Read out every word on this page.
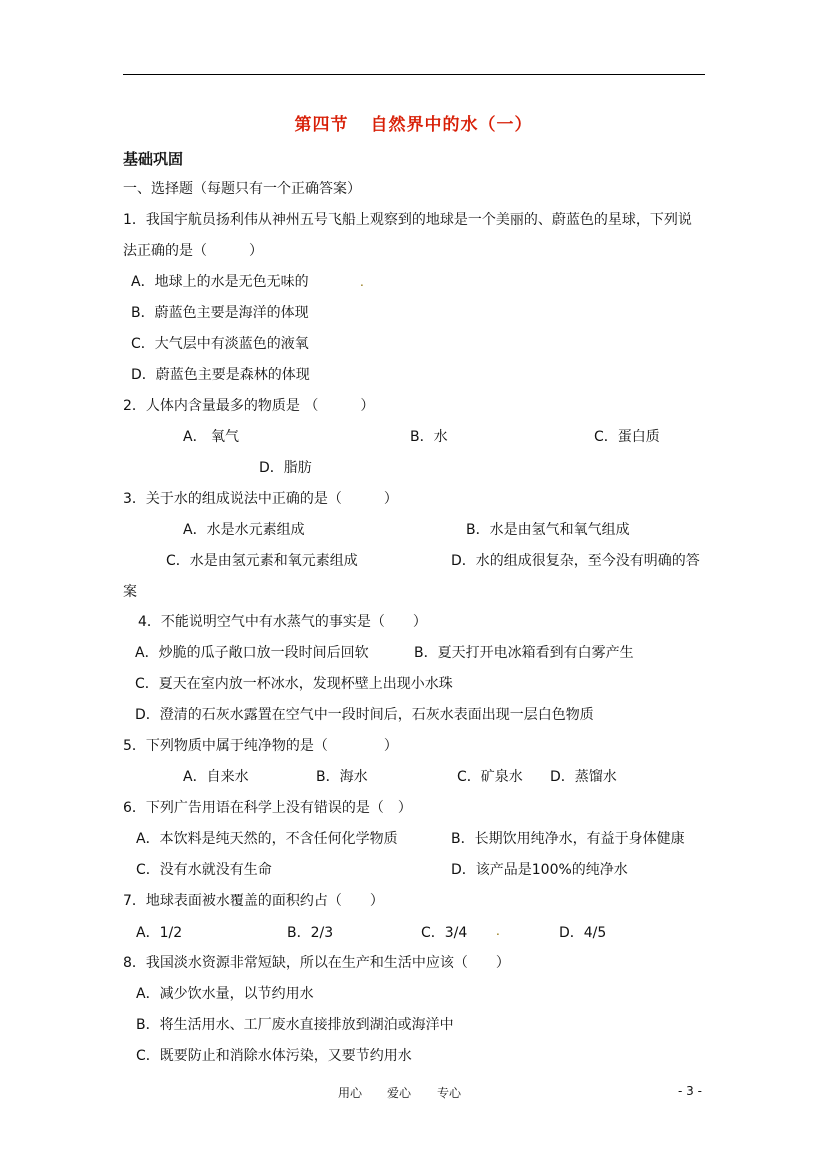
第四节 自然界中的水（一）
基础巩固
一、选择题（每题只有一个正确答案）
1．我国宇航员扬利伟从神州五号飞船上观察到的地球是一个美丽的、蔚蓝色的星球，下列说
法正确的是（　　　）
A．地球上的水是无色无味的	.
B．蔚蓝色主要是海洋的体现
C．大气层中有淡蓝色的液氧
D．蔚蓝色主要是森林的体现
2．人体内含量最多的物质是 （　　　）
A． 氧气	B．水	C．蛋白质
D．脂肪
3．关于水的组成说法中正确的是（　　　）
A．水是水元素组成	B．水是由氢气和氧气组成
C．水是由氢元素和氧元素组成	D．水的组成很复杂，至今没有明确的答
案
4．不能说明空气中有水蒸气的事实是（　　）
A．炒脆的瓜子敞口放一段时间后回软	B．夏天打开电冰箱看到有白雾产生
C．夏天在室内放一杯冰水，发现杯壁上出现小水珠
D．澄清的石灰水露置在空气中一段时间后，石灰水表面出现一层白色物质
5．下列物质中属于纯净物的是（　　　　）
A．自来水	B．海水	C．矿泉水 D．蒸馏水
6．下列广告用语在科学上没有错误的是（　）
A．本饮料是纯天然的，不含任何化学物质	B．长期饮用纯净水，有益于身体健康
C．没有水就没有生命	D．该产品是100%的纯净水
7．地球表面被水覆盖的面积约占（　　）
A．1/2	B．2/3	C．3/4 .	D．4/5
8．我国淡水资源非常短缺，所以在生产和生活中应该（　　）
A．减少饮水量，以节约用水
B．将生活用水、工厂废水直接排放到湖泊或海洋中
C．既要防止和消除水体污染，又要节约用水
用心 爱心 专心	- 3 -
